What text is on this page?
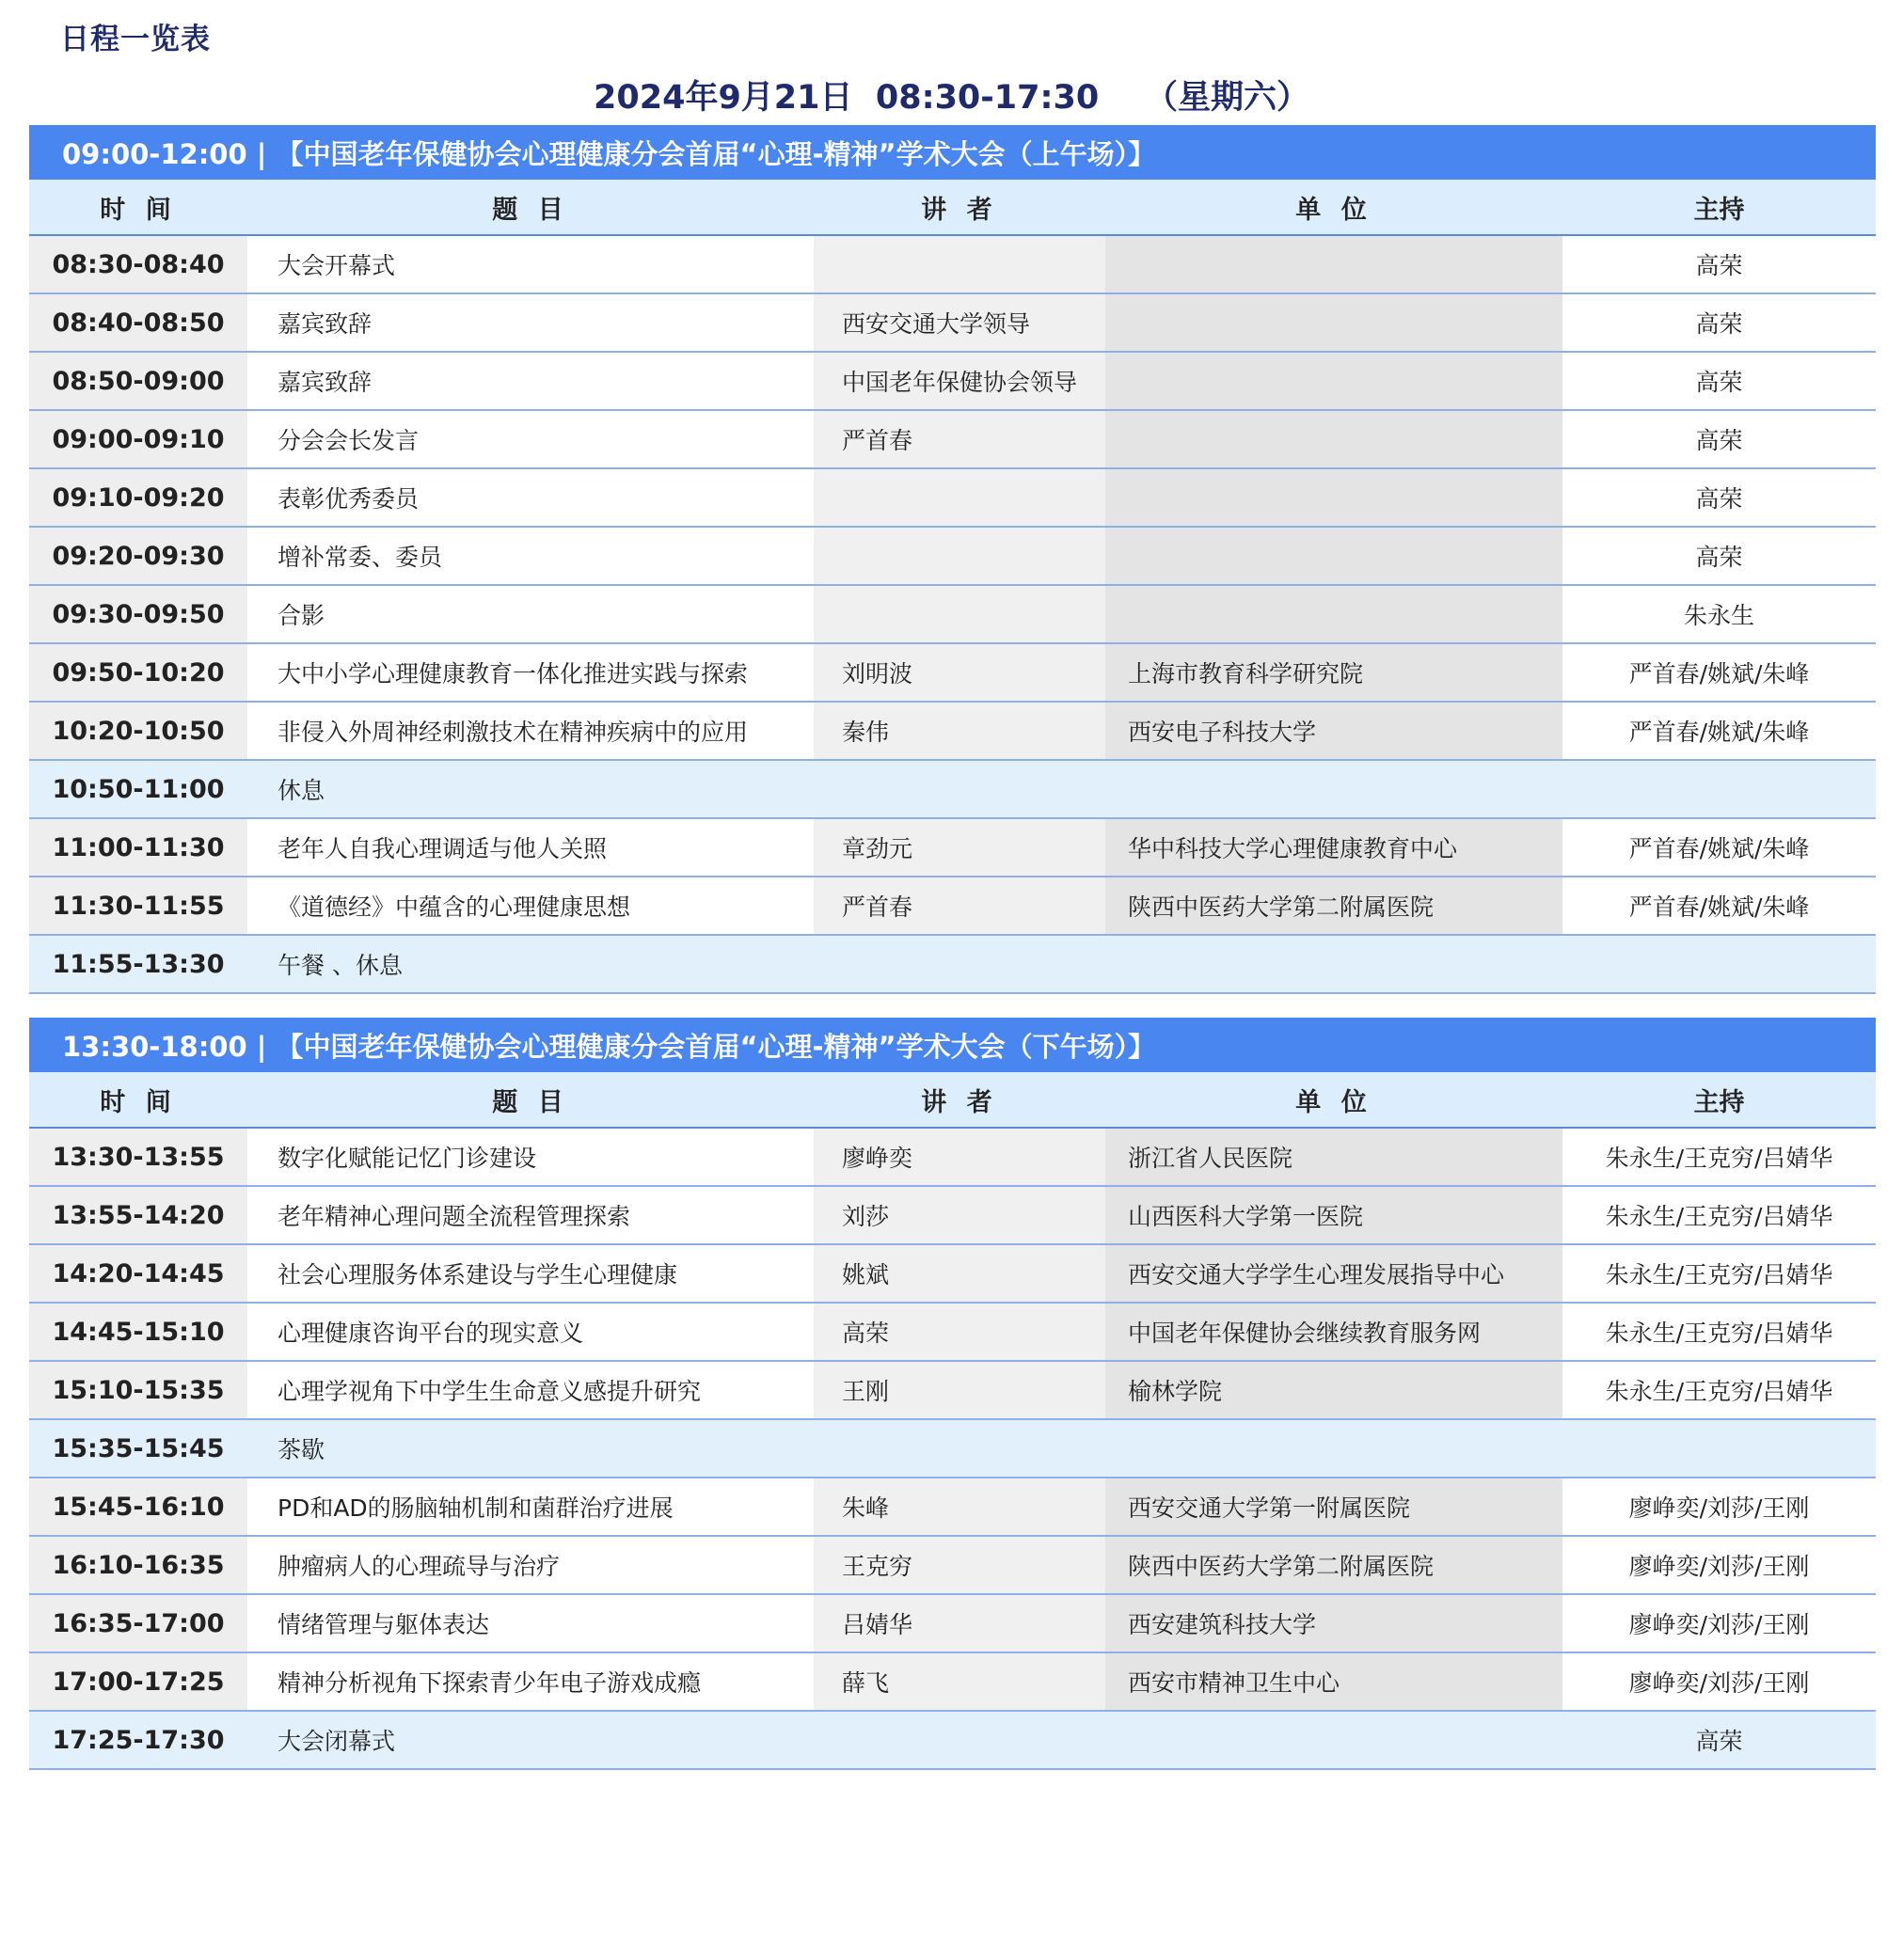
日程一览表
2024年9月21日  08:30-17:30    （星期六）
09:00-12:00 | 【中国老年保健协会心理健康分会首届“心理-精神”学术大会（上午场）】
时 间	题 目	讲 者	单 位	主持
08:30-08:40	大会开幕式			高荣
08:40-08:50	嘉宾致辞	西安交通大学领导		高荣
08:50-09:00	嘉宾致辞	中国老年保健协会领导		高荣
09:00-09:10	分会会长发言	严首春		高荣
09:10-09:20	表彰优秀委员			高荣
09:20-09:30	增补常委、委员			高荣
09:30-09:50	合影			朱永生
09:50-10:20	大中小学心理健康教育一体化推进实践与探索	刘明波	上海市教育科学研究院	严首春/姚斌/朱峰
10:20-10:50	非侵入外周神经刺激技术在精神疾病中的应用	秦伟	西安电子科技大学	严首春/姚斌/朱峰
10:50-11:00	休息			
11:00-11:30	老年人自我心理调适与他人关照	章劲元	华中科技大学心理健康教育中心	严首春/姚斌/朱峰
11:30-11:55	《道德经》中蕴含的心理健康思想	严首春	陕西中医药大学第二附属医院	严首春/姚斌/朱峰
11:55-13:30	午餐 、休息			
13:30-18:00 | 【中国老年保健协会心理健康分会首届“心理-精神”学术大会（下午场）】
时 间	题 目	讲 者	单 位	主持
13:30-13:55	数字化赋能记忆门诊建设	廖峥奕	浙江省人民医院	朱永生/王克穷/吕婧华
13:55-14:20	老年精神心理问题全流程管理探索	刘莎	山西医科大学第一医院	朱永生/王克穷/吕婧华
14:20-14:45	社会心理服务体系建设与学生心理健康	姚斌	西安交通大学学生心理发展指导中心	朱永生/王克穷/吕婧华
14:45-15:10	心理健康咨询平台的现实意义	高荣	中国老年保健协会继续教育服务网	朱永生/王克穷/吕婧华
15:10-15:35	心理学视角下中学生生命意义感提升研究	王刚	榆林学院	朱永生/王克穷/吕婧华
15:35-15:45	茶歇			
15:45-16:10	PD和AD的肠脑轴机制和菌群治疗进展	朱峰	西安交通大学第一附属医院	廖峥奕/刘莎/王刚
16:10-16:35	肿瘤病人的心理疏导与治疗	王克穷	陕西中医药大学第二附属医院	廖峥奕/刘莎/王刚
16:35-17:00	情绪管理与躯体表达	吕婧华	西安建筑科技大学	廖峥奕/刘莎/王刚
17:00-17:25	精神分析视角下探索青少年电子游戏成瘾	薛飞	西安市精神卫生中心	廖峥奕/刘莎/王刚
17:25-17:30	大会闭幕式			高荣
